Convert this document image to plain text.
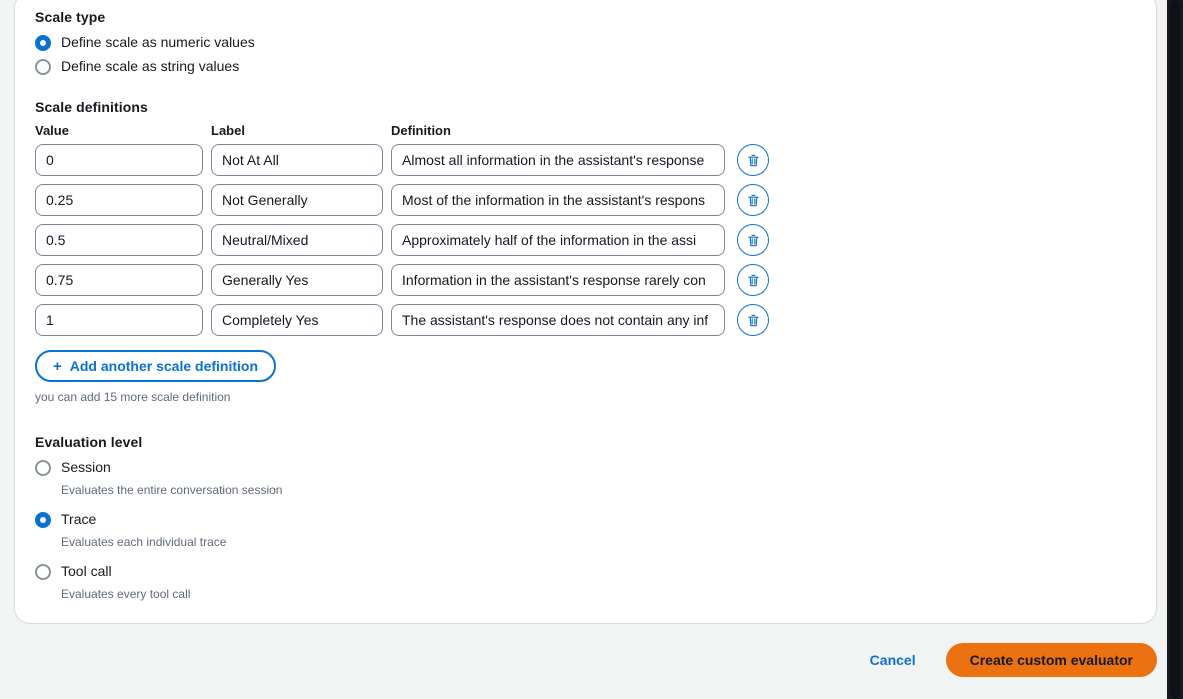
Scale type
Define scale as numeric values
Define scale as string values
Scale definitions
Value	Label	Definition
0	Not At All	Almost all information in the assistant's response
0.25	Not Generally	Most of the information in the assistant's respons
0.5	Neutral/Mixed	Approximately half of the information in the assi
0.75	Generally Yes	Information in the assistant's response rarely con
1	Completely Yes	The assistant's response does not contain any inf
+ Add another scale definition
you can add 15 more scale definition
Evaluation level
Session
Evaluates the entire conversation session
Trace
Evaluates each individual trace
Tool call
Evaluates every tool call
Cancel	Create custom evaluator
